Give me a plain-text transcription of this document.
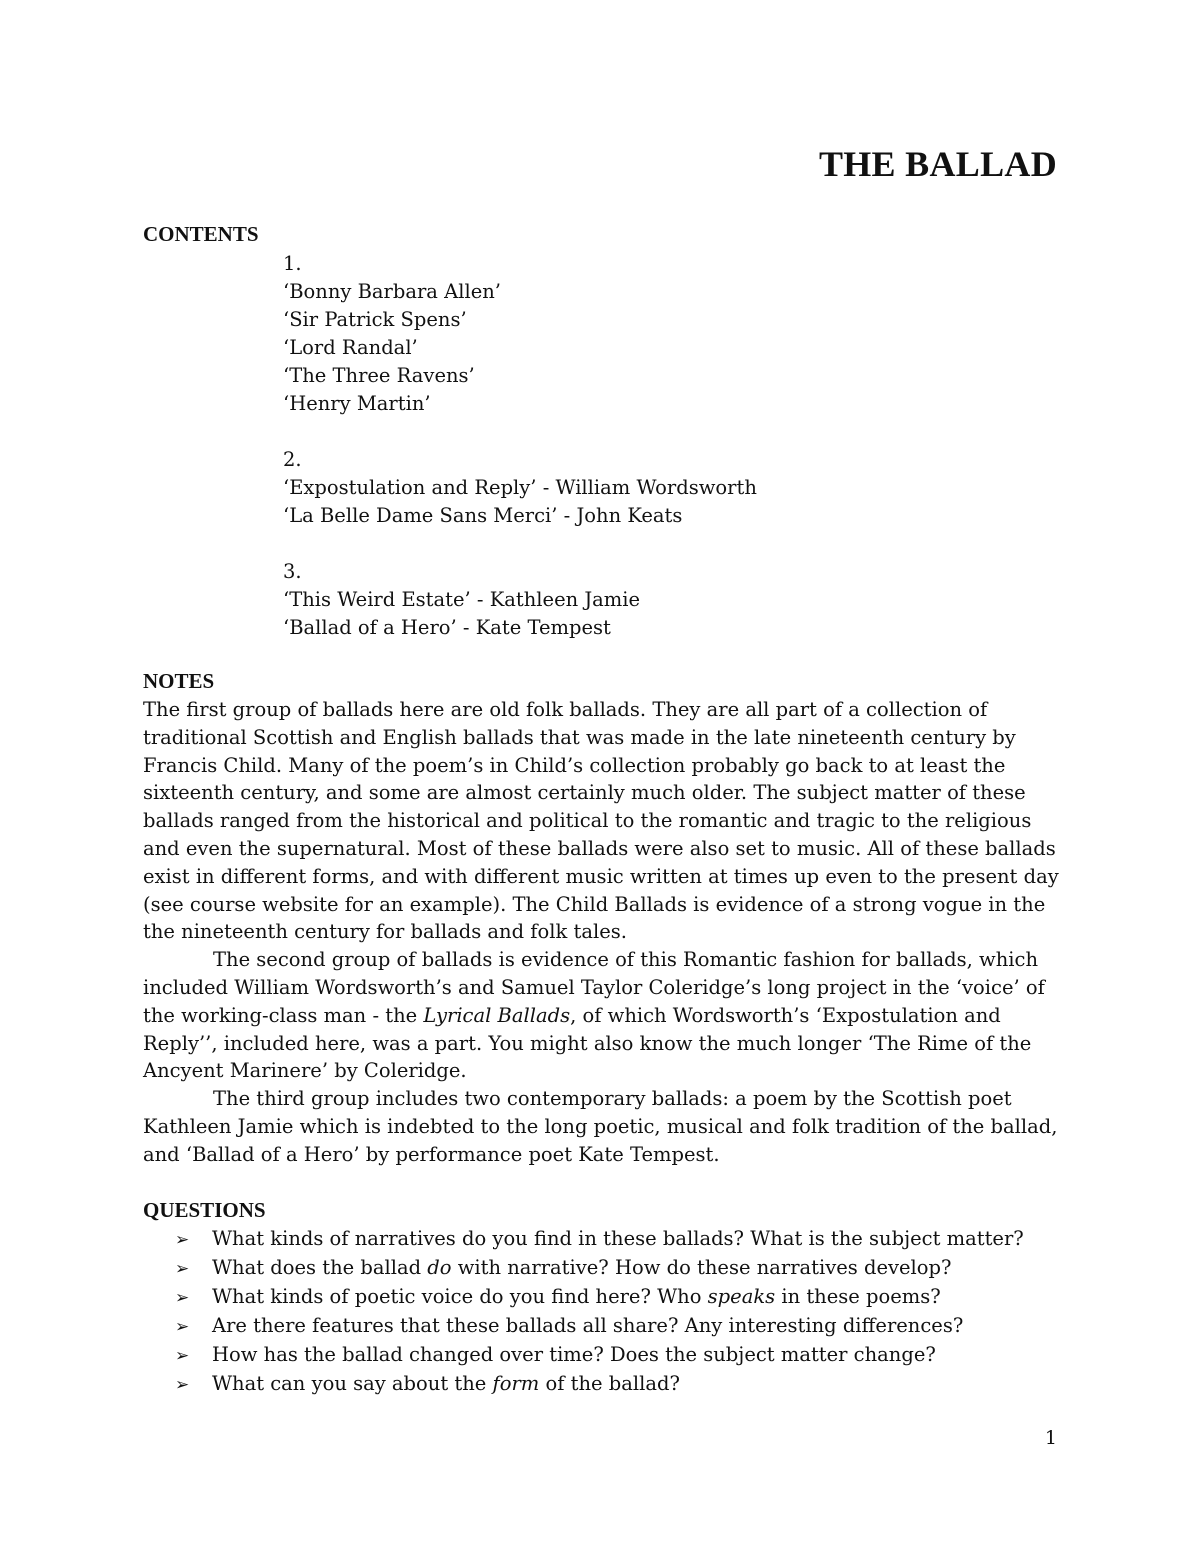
THE BALLAD
CONTENTS
1.
‘Bonny Barbara Allen’
‘Sir Patrick Spens’
‘Lord Randal’
‘The Three Ravens’
‘Henry Martin’
2.
‘Expostulation and Reply’ - William Wordsworth
‘La Belle Dame Sans Merci’ - John Keats
3.
‘This Weird Estate’ - Kathleen Jamie
‘Ballad of a Hero’ - Kate Tempest
NOTES

The first group of ballads here are old folk ballads. They are all part of a collection of traditional Scottish and English ballads that was made in the late nineteenth century by Francis Child. Many of the poem’s in Child’s collection probably go back to at least the sixteenth century, and some are almost certainly much older. The subject matter of these ballads ranged from the historical and political to the romantic and tragic to the religious and even the supernatural. Most of these ballads were also set to music. All of these ballads exist in different forms, and with different music written at times up even to the present day (see course website for an example). The Child Ballads is evidence of a strong vogue in the the nineteenth century for ballads and folk tales.

The second group of ballads is evidence of this Romantic fashion for ballads, which included William Wordsworth’s and Samuel Taylor Coleridge’s long project in the ‘voice’ of the working-class man - the Lyrical Ballads, of which Wordsworth’s ‘Expostulation and Reply’’, included here, was a part. You might also know the much longer ‘The Rime of the Ancyent Marinere’ by Coleridge.

The third group includes two contemporary ballads: a poem by the Scottish poet Kathleen Jamie which is indebted to the long poetic, musical and folk tradition of the ballad, and ‘Ballad of a Hero’ by performance poet Kate Tempest.

QUESTIONS
➢ What kinds of narratives do you find in these ballads? What is the subject matter?
➢ What does the ballad do with narrative? How do these narratives develop?
➢ What kinds of poetic voice do you find here? Who speaks in these poems?
➢ Are there features that these ballads all share? Any interesting differences?
➢ How has the ballad changed over time? Does the subject matter change?
➢ What can you say about the form of the ballad?
1
